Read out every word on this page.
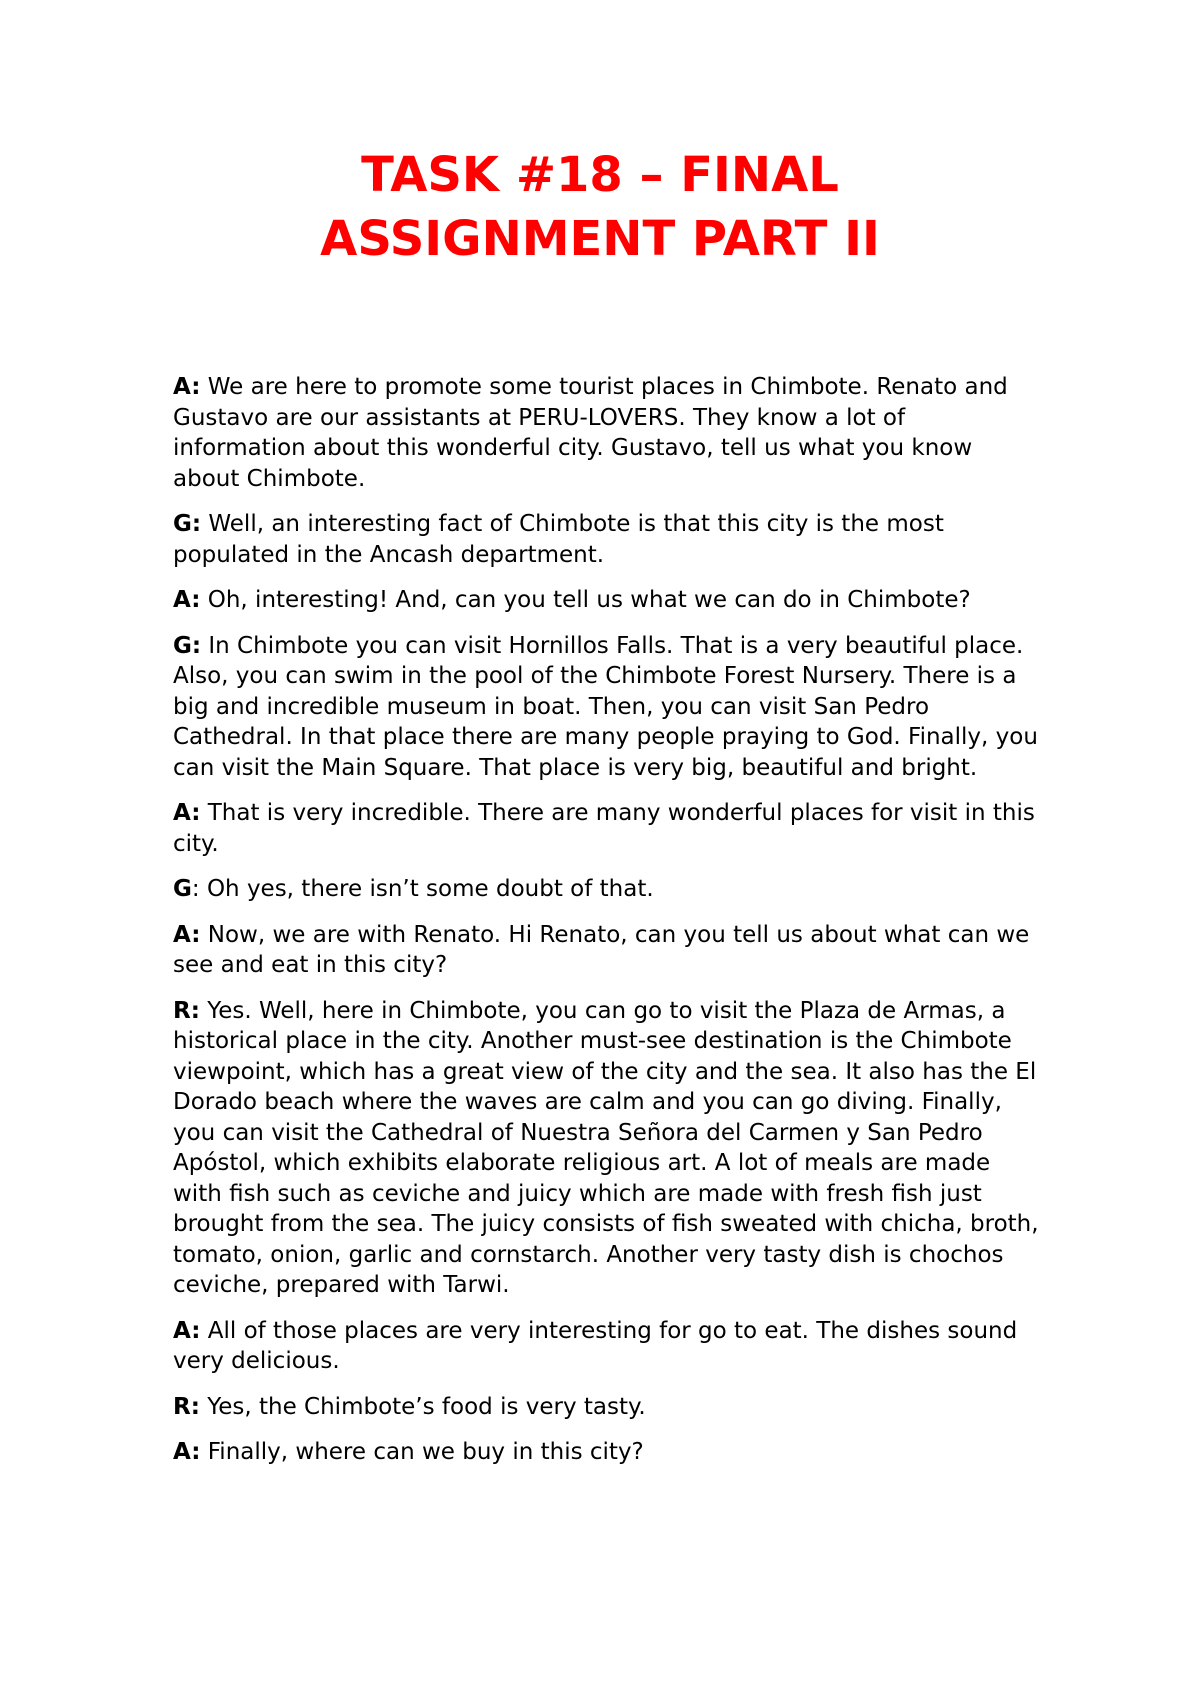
TASK #18 – FINAL
ASSIGNMENT PART II

A: We are here to promote some tourist places in Chimbote. Renato and Gustavo are our assistants at PERU-LOVERS. They know a lot of information about this wonderful city. Gustavo, tell us what you know about Chimbote.

G: Well, an interesting fact of Chimbote is that this city is the most populated in the Ancash department.

A: Oh, interesting! And, can you tell us what we can do in Chimbote?

G: In Chimbote you can visit Hornillos Falls. That is a very beautiful place. Also, you can swim in the pool of the Chimbote Forest Nursery. There is a big and incredible museum in boat. Then, you can visit San Pedro Cathedral. In that place there are many people praying to God. Finally, you can visit the Main Square. That place is very big, beautiful and bright.

A: That is very incredible. There are many wonderful places for visit in this city.

G: Oh yes, there isn’t some doubt of that.

A: Now, we are with Renato. Hi Renato, can you tell us about what can we see and eat in this city?

R: Yes. Well, here in Chimbote, you can go to visit the Plaza de Armas, a historical place in the city. Another must-see destination is the Chimbote viewpoint, which has a great view of the city and the sea. It also has the El Dorado beach where the waves are calm and you can go diving. Finally, you can visit the Cathedral of Nuestra Señora del Carmen y San Pedro Apóstol, which exhibits elaborate religious art. A lot of meals are made with fish such as ceviche and juicy which are made with fresh fish just brought from the sea. The juicy consists of fish sweated with chicha, broth, tomato, onion, garlic and cornstarch. Another very tasty dish is chochos ceviche, prepared with Tarwi.

A: All of those places are very interesting for go to eat. The dishes sound very delicious.

R: Yes, the Chimbote’s food is very tasty.

A: Finally, where can we buy in this city?
